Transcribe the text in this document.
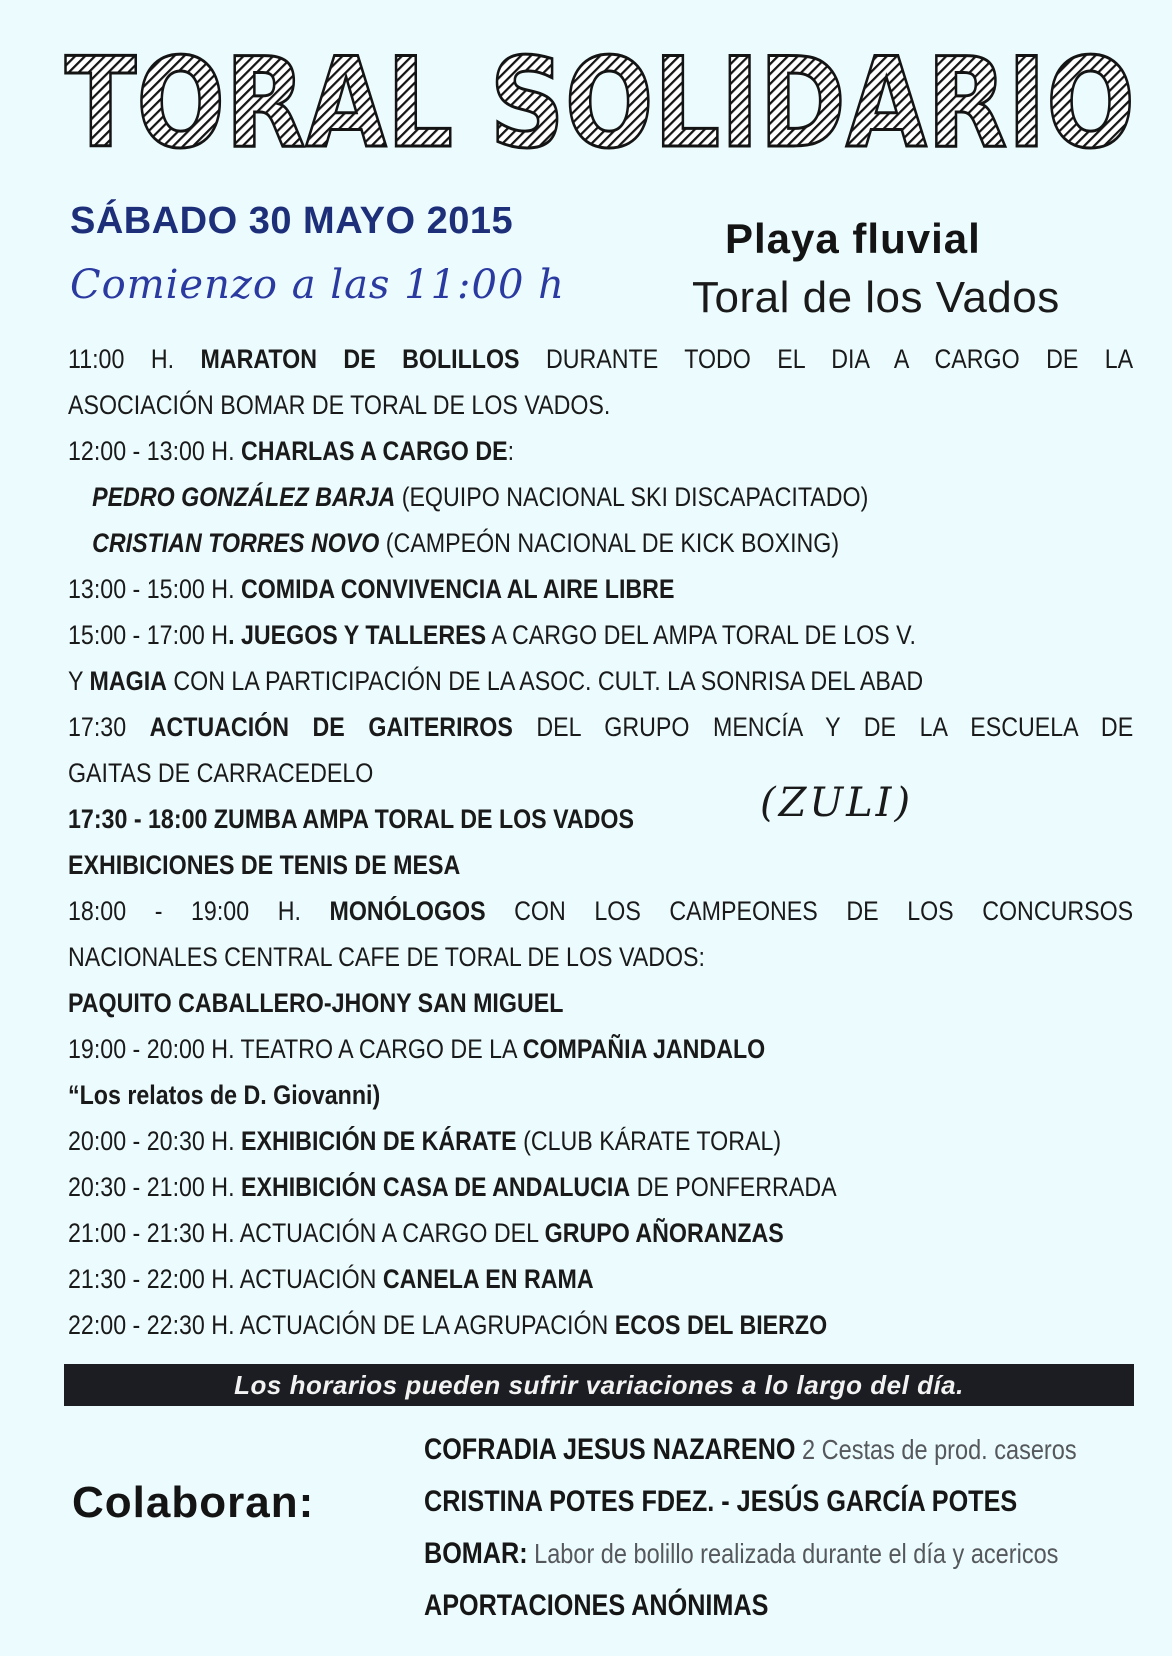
TORAL SOLIDARIO
SÁBADO 30 MAYO 2015
Comienzo a las 11:00 h
Playa fluvial
Toral de los Vados
11:00 H. MARATON DE BOLILLOS DURANTE TODO EL DIA A CARGO DE LA
ASOCIACIÓN BOMAR DE TORAL DE LOS VADOS.
12:00 - 13:00 H. CHARLAS A CARGO DE:
PEDRO GONZÁLEZ BARJA (EQUIPO NACIONAL SKI DISCAPACITADO)
CRISTIAN TORRES NOVO (CAMPEÓN NACIONAL DE KICK BOXING)
13:00 - 15:00 H. COMIDA CONVIVENCIA AL AIRE LIBRE
15:00 - 17:00 H. JUEGOS Y TALLERES A CARGO DEL AMPA TORAL DE LOS V.
Y MAGIA CON LA PARTICIPACIÓN DE LA ASOC. CULT. LA SONRISA DEL ABAD
17:30 ACTUACIÓN DE GAITERIROS DEL GRUPO MENCÍA Y DE LA ESCUELA DE
GAITAS DE CARRACEDELO
17:30 - 18:00 ZUMBA AMPA TORAL DE LOS VADOS
EXHIBICIONES DE TENIS DE MESA
18:00 - 19:00 H. MONÓLOGOS CON LOS CAMPEONES DE LOS CONCURSOS
NACIONALES CENTRAL CAFE DE TORAL DE LOS VADOS:
PAQUITO CABALLERO-JHONY SAN MIGUEL
19:00 - 20:00 H. TEATRO A CARGO DE LA COMPAÑIA JANDALO
“Los relatos de D. Giovanni)
20:00 - 20:30 H. EXHIBICIÓN DE KÁRATE (CLUB KÁRATE TORAL)
20:30 - 21:00 H. EXHIBICIÓN CASA DE ANDALUCIA DE PONFERRADA
21:00 - 21:30 H. ACTUACIÓN A CARGO DEL GRUPO AÑORANZAS
21:30 - 22:00 H. ACTUACIÓN CANELA EN RAMA
22:00 - 22:30 H. ACTUACIÓN DE LA AGRUPACIÓN ECOS DEL BIERZO
(ZULI)
Los horarios pueden sufrir variaciones a lo largo del día.
Colaboran:
COFRADIA JESUS NAZARENO 2 Cestas de prod. caseros
CRISTINA POTES FDEZ. - JESÚS GARCÍA POTES
BOMAR: Labor de bolillo realizada durante el día y acericos
APORTACIONES ANÓNIMAS
